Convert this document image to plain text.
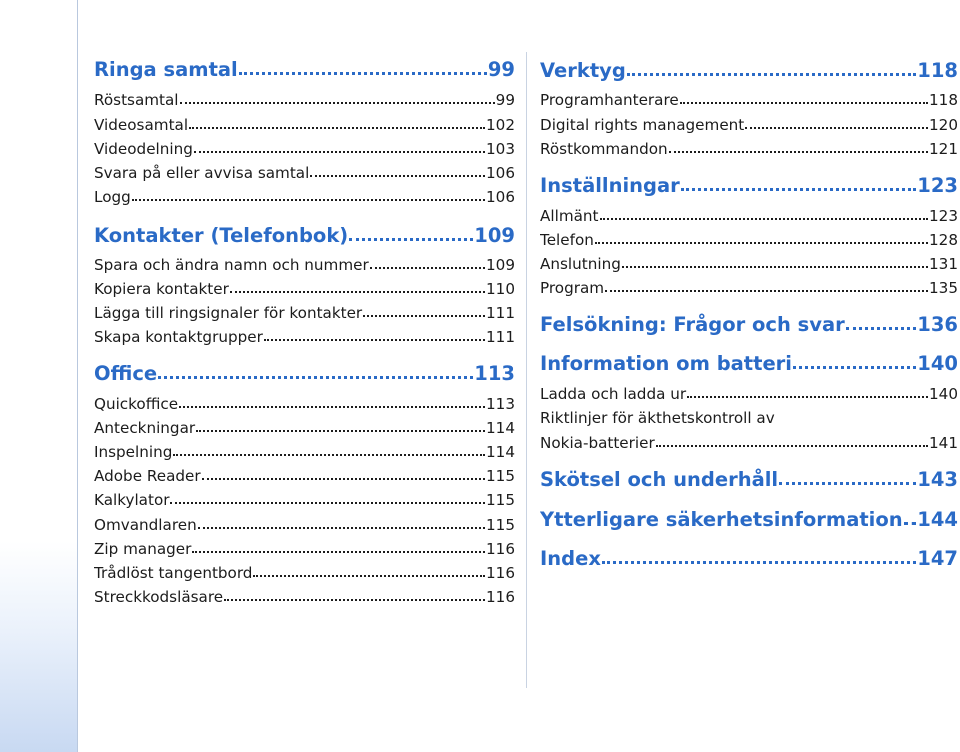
Ringa samtal	99
Röstsamtal	99
Videosamtal	102
Videodelning	103
Svara på eller avvisa samtal	106
Logg	106
Kontakter (Telefonbok)	109
Spara och ändra namn och nummer	109
Kopiera kontakter	110
Lägga till ringsignaler för kontakter	111
Skapa kontaktgrupper	111
Office	113
Quickoffice	113
Anteckningar	114
Inspelning	114
Adobe Reader	115
Kalkylator	115
Omvandlaren	115
Zip manager	116
Trådlöst tangentbord	116
Streckkodsläsare	116
Verktyg	118
Programhanterare	118
Digital rights management	120
Röstkommandon	121
Inställningar	123
Allmänt	123
Telefon	128
Anslutning	131
Program	135
Felsökning: Frågor och svar	136
Information om batteri	140
Ladda och ladda ur	140
Riktlinjer för äkthetskontroll av
Nokia-batterier	141
Skötsel och underhåll	143
Ytterligare säkerhetsinformation 144
Index	147
